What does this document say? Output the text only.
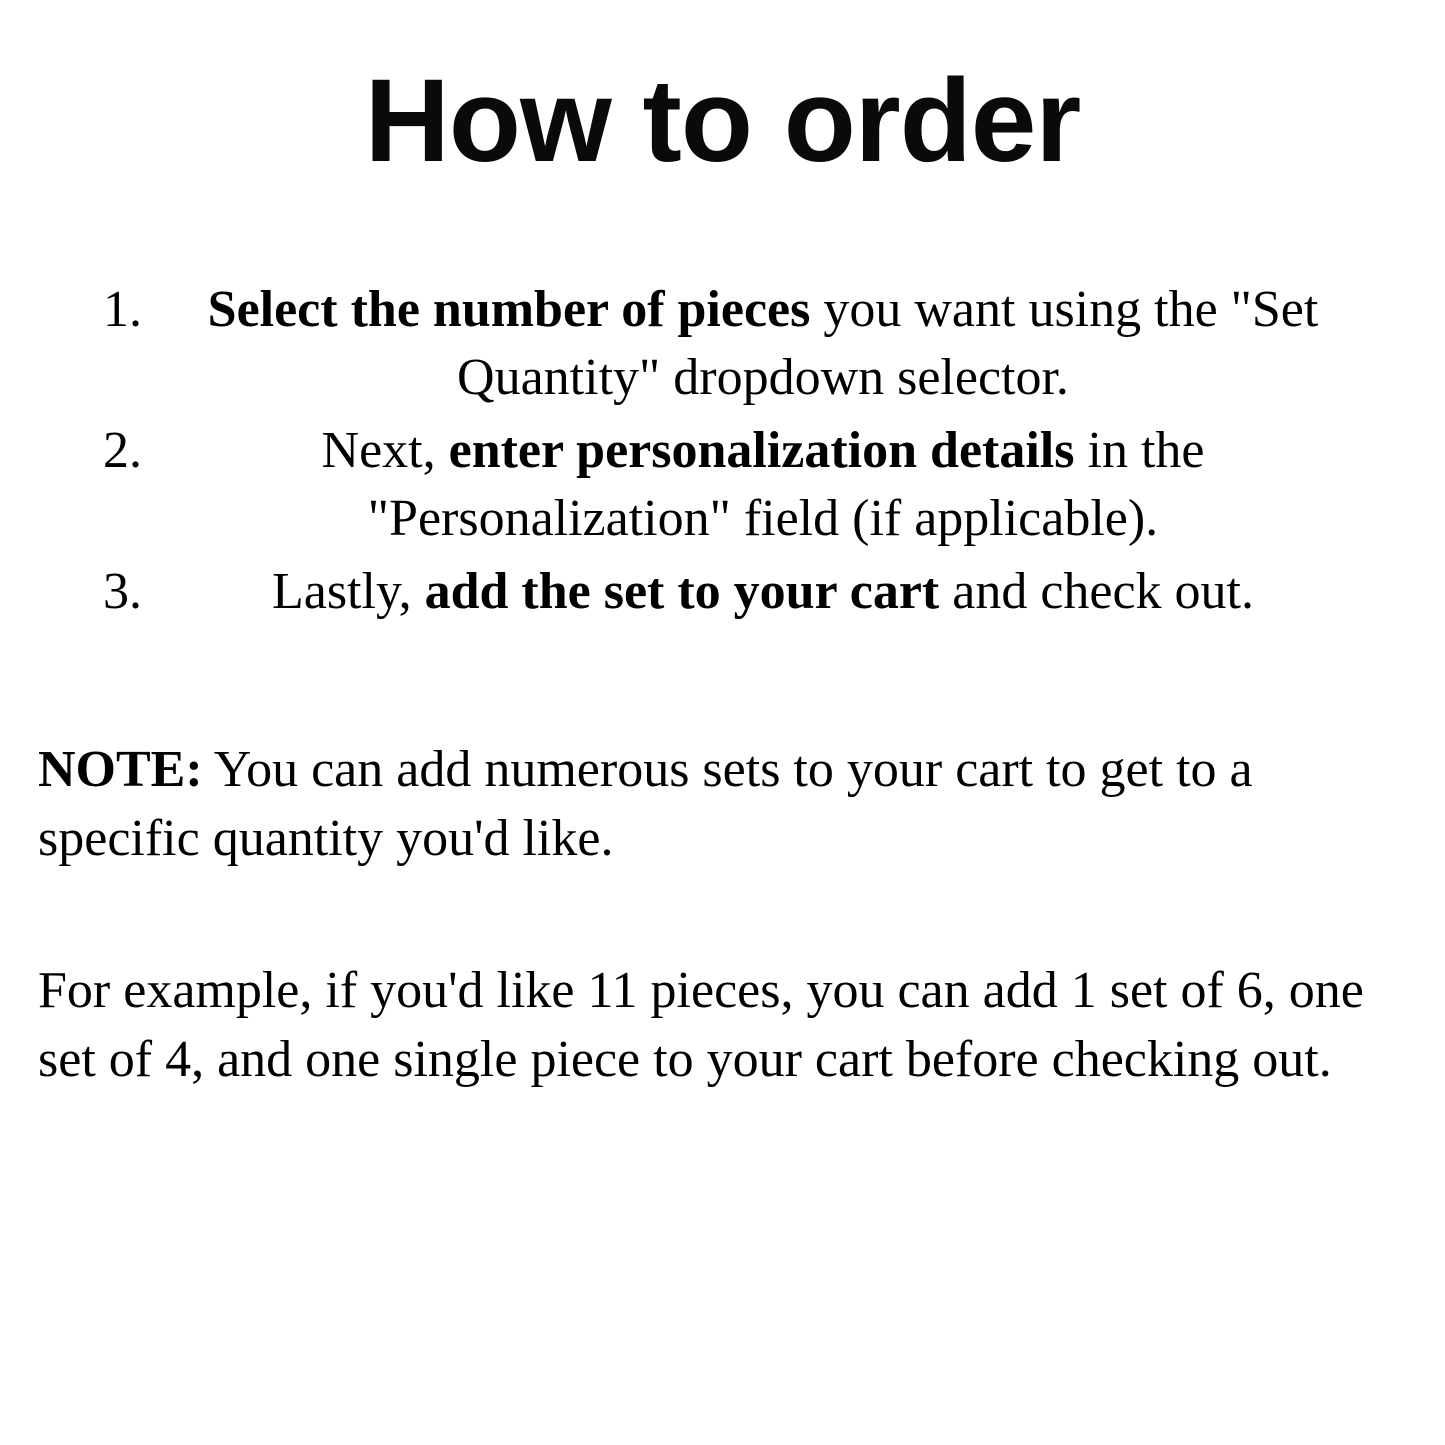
How to order
1.	Select the number of pieces you want using the "Set Quantity" dropdown selector.
2.	Next, enter personalization details in the "Personalization" field (if applicable).
3.	Lastly, add the set to your cart and check out.

NOTE: You can add numerous sets to your cart to get to a specific quantity you'd like.

For example, if you'd like 11 pieces, you can add 1 set of 6, one set of 4, and one single piece to your cart before checking out.
